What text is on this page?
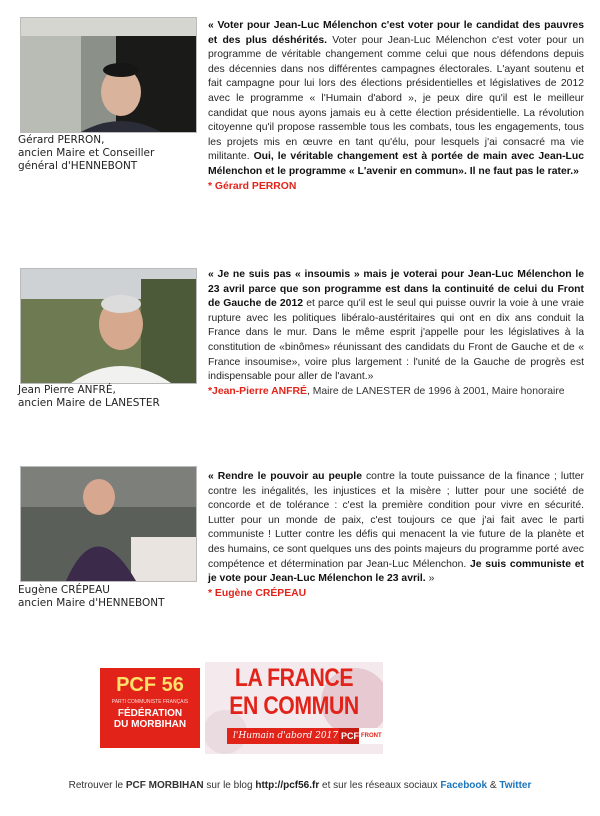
Gérard PERRON,
ancien Maire et Conseiller général d'HENNEBONT
« Voter pour Jean-Luc Mélenchon c'est voter pour le candidat des pauvres et des plus déshérités. Voter pour Jean-Luc Mélenchon c'est voter pour un programme de véritable changement comme celui que nous défendons depuis des décennies dans nos différentes campagnes électorales. L'ayant soutenu et fait campagne pour lui lors des élections présidentielles et législatives de 2012 avec le programme « l'Humain d'abord », je peux dire qu'il est le meilleur candidat que nous ayons jamais eu à cette élection présidentielle. La révolution citoyenne qu'il propose rassemble tous les combats, tous les engagements, tous les projets mis en œuvre en tant qu'élu, pour lesquels j'ai consacré ma vie militante. Oui, le véritable changement est à portée de main avec Jean-Luc Mélenchon et le programme « L'avenir en commun». Il ne faut pas le rater.»
* Gérard PERRON
Jean Pierre ANFRÉ,
ancien Maire de LANESTER
« Je ne suis pas « insoumis » mais je voterai pour Jean-Luc Mélenchon le 23 avril parce que son programme est dans la continuité de celui du Front de Gauche de 2012 et parce qu'il est le seul qui puisse ouvrir la voie à une vraie rupture avec les politiques libéralo-austéritaires qui ont en dix ans conduit la France dans le mur. Dans le même esprit j'appelle pour les législatives à la constitution de «binômes» réunissant des candidats du Front de Gauche et de « France insoumise», voire plus largement : l'unité de la Gauche de progrès est indispensable pour aller de l'avant.»
*Jean-Pierre ANFRÉ, Maire de LANESTER de 1996 à 2001, Maire honoraire
Eugène CRÉPEAU
ancien Maire d'HENNEBONT
« Rendre le pouvoir au peuple contre la toute puissance de la finance ; lutter contre les inégalités, les injustices et la misère ; lutter pour une société de concorde et de tolérance : c'est la première condition pour vivre en sécurité. Lutter pour un monde de paix, c'est toujours ce que j'ai fait avec le parti communiste ! Lutter contre les défis qui menacent la vie future de la planète et des humains, ce sont quelques uns des points majeurs du programme porté avec compétence et détermination par Jean-Luc Mélenchon. Je suis communiste et je vote pour Jean-Luc Mélenchon le 23 avril. »
* Eugène CRÉPEAU
PCF 56
PARTI COMMUNISTE FRANÇAIS
FÉDÉRATION
DU MORBIHAN
LA FRANCE
EN COMMUN
l'Humain d'abord 2017 PCF FRONT
Retrouver le PCF MORBIHAN sur le blog http://pcf56.fr et sur les réseaux sociaux Facebook & Twitter
